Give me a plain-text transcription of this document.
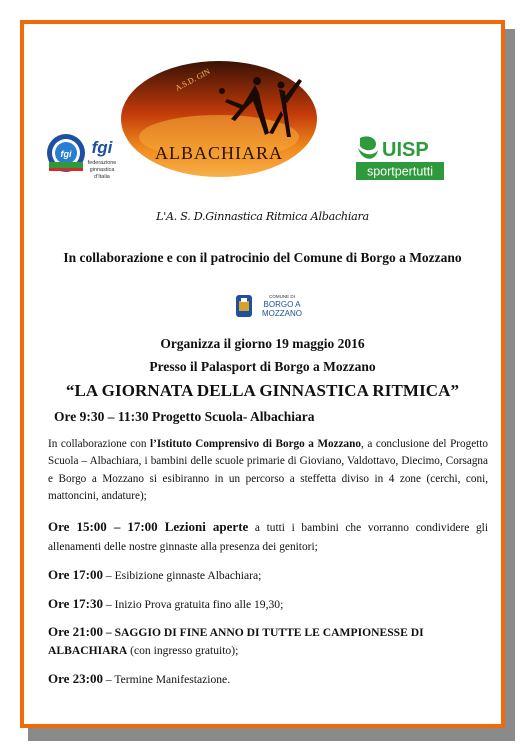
A.S.D. GIN
ALBACHIARA
fgi fgi
federazione
ginnastica
d'Italia
UISP
sportpertutti
L'A. S. D.Ginnastica Ritmica Albachiara
In collaborazione e con il patrocinio del Comune di Borgo a Mozzano
COMUNE DI
BORGO A
MOZZANO
Organizza il giorno 19 maggio 2016
Presso il Palasport di Borgo a Mozzano
“LA GIORNATA DELLA GINNASTICA RITMICA”
Ore 9:30 – 11:30 Progetto Scuola- Albachiara
In collaborazione con l’Istituto Comprensivo di Borgo a Mozzano, a conclusione del Progetto Scuola – Albachiara, i bambini delle scuole primarie di Gioviano, Valdottavo, Diecimo, Corsagna e Borgo a Mozzano si esibiranno in un percorso a steffetta diviso in 4 zone (cerchi, coni, mattoncini, andature);
Ore 15:00 – 17:00 Lezioni aperte a tutti i bambini che vorranno condividere gli allenamenti delle nostre ginnaste alla presenza dei genitori;
Ore 17:00 – Esibizione ginnaste Albachiara;
Ore 17:30 – Inizio Prova gratuita fino alle 19,30;
Ore 21:00 – SAGGIO DI FINE ANNO DI TUTTE LE CAMPIONESSE DI ALBACHIARA (con ingresso gratuito);
Ore 23:00 – Termine Manifestazione.
